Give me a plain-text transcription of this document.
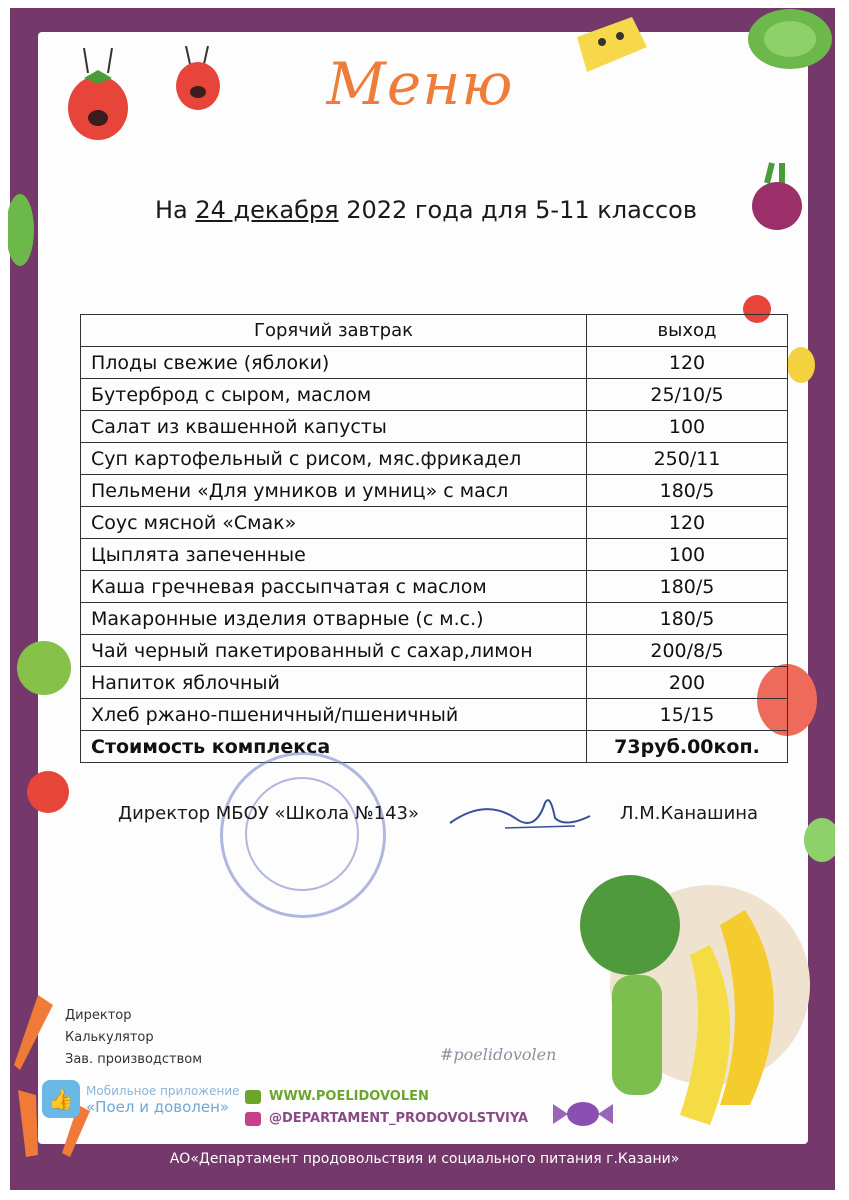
Меню
На 24 декабря 2022 года для 5-11 классов
Горячий завтрак	выход
Плоды свежие (яблоки)	120
Бутерброд с сыром, маслом	25/10/5
Салат из квашенной капусты	100
Суп картофельный с рисом, мяс.фрикадел	250/11
Пельмени «Для умников и умниц» с масл	180/5
Соус мясной «Смак»	120
Цыплята запеченные	100
Каша гречневая рассыпчатая с маслом	180/5
Макаронные изделия отварные (с м.с.)	180/5
Чай черный пакетированный с сахар,лимон	200/8/5
Напиток яблочный	200
Хлеб ржано-пшеничный/пшеничный	15/15
Стоимость комплекса	73руб.00коп.
Директор МБОУ «Школа №143»	Л.М.Канашина
Директор
Калькулятор
Зав. производством	#poelidovolen
👍	Мобильное приложение
«Поел и доволен»
WWW.POELIDOVOLEN
@DEPARTAMENT_PRODOVOLSTVIYA
АО«Департамент продовольствия и социального питания г.Казани»
